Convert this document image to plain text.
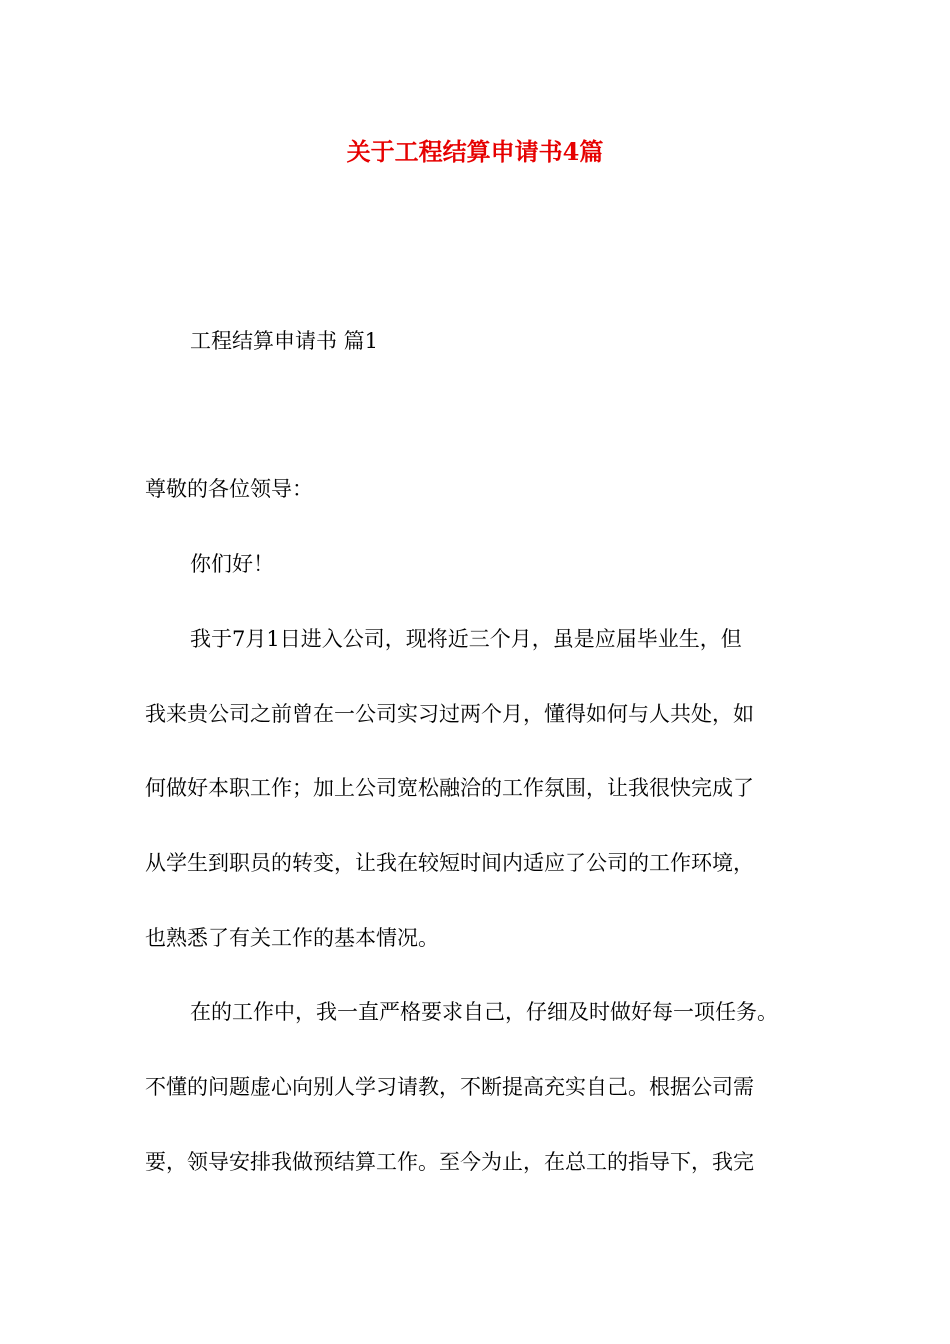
关于工程结算申请书4篇
工程结算申请书 篇1
尊敬的各位领导：
你们好！
我于7月1日进入公司，现将近三个月，虽是应届毕业生，但
我来贵公司之前曾在一公司实习过两个月，懂得如何与人共处，如
何做好本职工作；加上公司宽松融洽的工作氛围，让我很快完成了
从学生到职员的转变，让我在较短时间内适应了公司的工作环境，
也熟悉了有关工作的基本情况。
在的工作中，我一直严格要求自己，仔细及时做好每一项任务。
不懂的问题虚心向别人学习请教，不断提高充实自己。根据公司需
要，领导安排我做预结算工作。至今为止，在总工的指导下，我完
